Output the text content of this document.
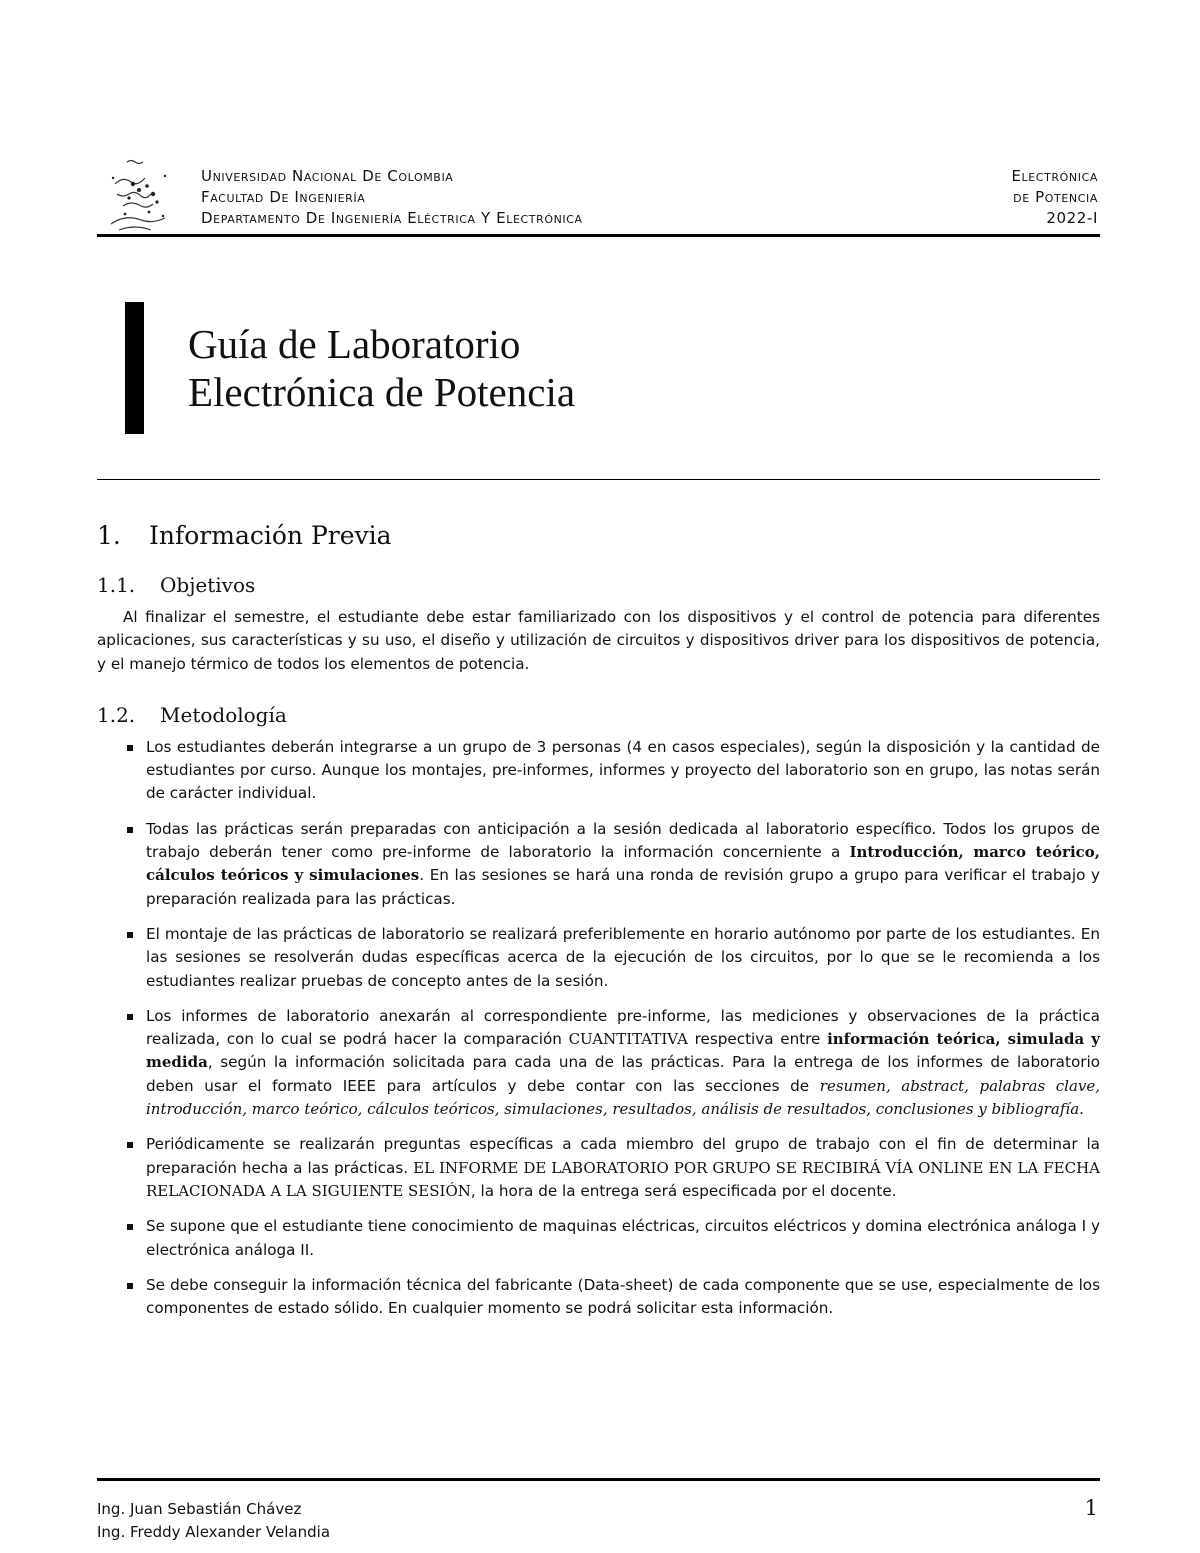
Universidad Nacional De Colombia
Facultad De Ingeniería
Departamento De Ingeniería Eléctrica Y Electrónica
Electrónica
de Potencia
2022-I
Guía de Laboratorio
Electrónica de Potencia
1. Información Previa
1.1. Objetivos

Al finalizar el semestre, el estudiante debe estar familiarizado con los dispositivos y el control de potencia para diferentes aplicaciones, sus características y su uso, el diseño y utilización de circuitos y dispositivos driver para los dispositivos de potencia, y el manejo térmico de todos los elementos de potencia.

1.2. Metodología
Los estudiantes deberán integrarse a un grupo de 3 personas (4 en casos especiales), según la disposición y la cantidad de estudiantes por curso. Aunque los montajes, pre-informes, informes y proyecto del laboratorio son en grupo, las notas serán de carácter individual.
Todas las prácticas serán preparadas con anticipación a la sesión dedicada al laboratorio específico. Todos los grupos de trabajo deberán tener como pre-informe de laboratorio la información concerniente a Introducción, marco teórico, cálculos teóricos y simulaciones. En las sesiones se hará una ronda de revisión grupo a grupo para verificar el trabajo y preparación realizada para las prácticas.
El montaje de las prácticas de laboratorio se realizará preferiblemente en horario autónomo por parte de los estudiantes. En las sesiones se resolverán dudas específicas acerca de la ejecución de los circuitos, por lo que se le recomienda a los estudiantes realizar pruebas de concepto antes de la sesión.
Los informes de laboratorio anexarán al correspondiente pre-informe, las mediciones y observaciones de la práctica realizada, con lo cual se podrá hacer la comparación CUANTITATIVA respectiva entre información teórica, simulada y medida, según la información solicitada para cada una de las prácticas. Para la entrega de los informes de laboratorio deben usar el formato IEEE para artículos y debe contar con las secciones de resumen, abstract, palabras clave, introducción, marco teórico, cálculos teóricos, simulaciones, resultados, análisis de resultados, conclusiones y bibliografía.
Periódicamente se realizarán preguntas específicas a cada miembro del grupo de trabajo con el fin de determinar la preparación hecha a las prácticas. EL INFORME DE LABORATORIO POR GRUPO SE RECIBIRÁ VÍA ONLINE EN LA FECHA RELACIONADA A LA SIGUIENTE SESIÓN, la hora de la entrega será especificada por el docente.
Se supone que el estudiante tiene conocimiento de maquinas eléctricas, circuitos eléctricos y domina electrónica análoga I y electrónica análoga II.
Se debe conseguir la información técnica del fabricante (Data-sheet) de cada componente que se use, especialmente de los componentes de estado sólido. En cualquier momento se podrá solicitar esta información.
Ing. Juan Sebastián Chávez
Ing. Freddy Alexander Velandia
1
